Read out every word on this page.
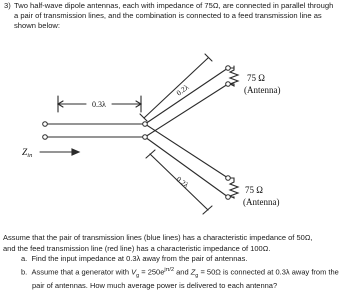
3) Two half-wave dipole antennas, each with impedance of 75Ω, are connected in parallel through
a pair of transmission lines, and the combination is connected to a feed transmission line as
shown below:
0.3λ
0.2λ
0.2λ
$Z_{in}$
75 Ω
(Antenna)
75 Ω
(Antenna)
Assume that the pair of transmission lines (blue lines) has a characteristic impedance of 50Ω,
and the feed transmission line (red line) has a characteristic impedance of 100Ω.
a. Find the input impedance at 0.3λ away from the pair of antennas.
b. Assume that a generator with $V_g = 250e^{j\pi/2}$ and $Z_g = 50\Omega$ is connected at 0.3λ away from the pair of antennas. How much average power is delivered to each antenna?
